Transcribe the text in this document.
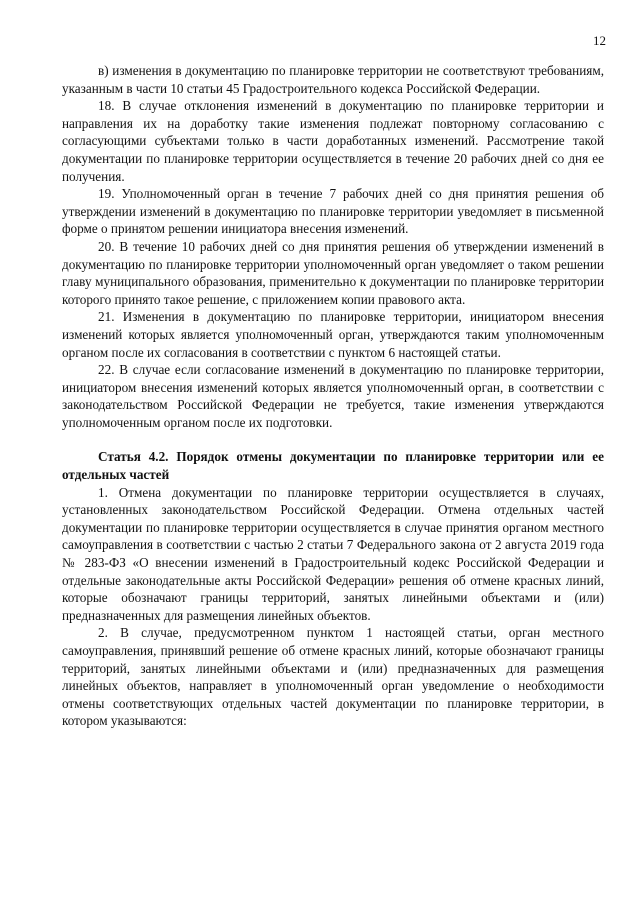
12

в) изменения в документацию по планировке территории не соответствуют требованиям, указанным в части 10 статьи 45 Градостроительного кодекса Российской Федерации.

18. В случае отклонения изменений в документацию по планировке территории и направления их на доработку такие изменения подлежат повторному согласованию с согласующими субъектами только в части доработанных изменений. Рассмотрение такой документации по планировке территории осуществляется в течение 20 рабочих дней со дня ее получения.

19. Уполномоченный орган в течение 7 рабочих дней со дня принятия решения об утверждении изменений в документацию по планировке территории уведомляет в письменной форме о принятом решении инициатора внесения изменений.

20. В течение 10 рабочих дней со дня принятия решения об утверждении изменений в документацию по планировке территории уполномоченный орган уведомляет о таком решении главу муниципального образования, применительно к документации по планировке территории которого принято такое решение, с приложением копии правового акта.

21. Изменения в документацию по планировке территории, инициатором внесения изменений которых является уполномоченный орган, утверждаются таким уполномоченным органом после их согласования в соответствии с пунктом 6 настоящей статьи.

22. В случае если согласование изменений в документацию по планировке территории, инициатором внесения изменений которых является уполномоченный орган, в соответствии с законодательством Российской Федерации не требуется, такие изменения утверждаются уполномоченным органом после их подготовки.

Статья 4.2. Порядок отмены документации по планировке территории или ее отдельных частей

1. Отмена документации по планировке территории осуществляется в случаях, установленных законодательством Российской Федерации. Отмена отдельных частей документации по планировке территории осуществляется в случае принятия органом местного самоуправления в соответствии с частью 2 статьи 7 Федерального закона от 2 августа 2019 года № 283-ФЗ «О внесении изменений в Градостроительный кодекс Российской Федерации и отдельные законодательные акты Российской Федерации» решения об отмене красных линий, которые обозначают границы территорий, занятых линейными объектами и (или) предназначенных для размещения линейных объектов.

2. В случае, предусмотренном пунктом 1 настоящей статьи, орган местного самоуправления, принявший решение об отмене красных линий, которые обозначают границы территорий, занятых линейными объектами и (или) предназначенных для размещения линейных объектов, направляет в уполномоченный орган уведомление о необходимости отмены соответствующих отдельных частей документации по планировке территории, в котором указываются:
